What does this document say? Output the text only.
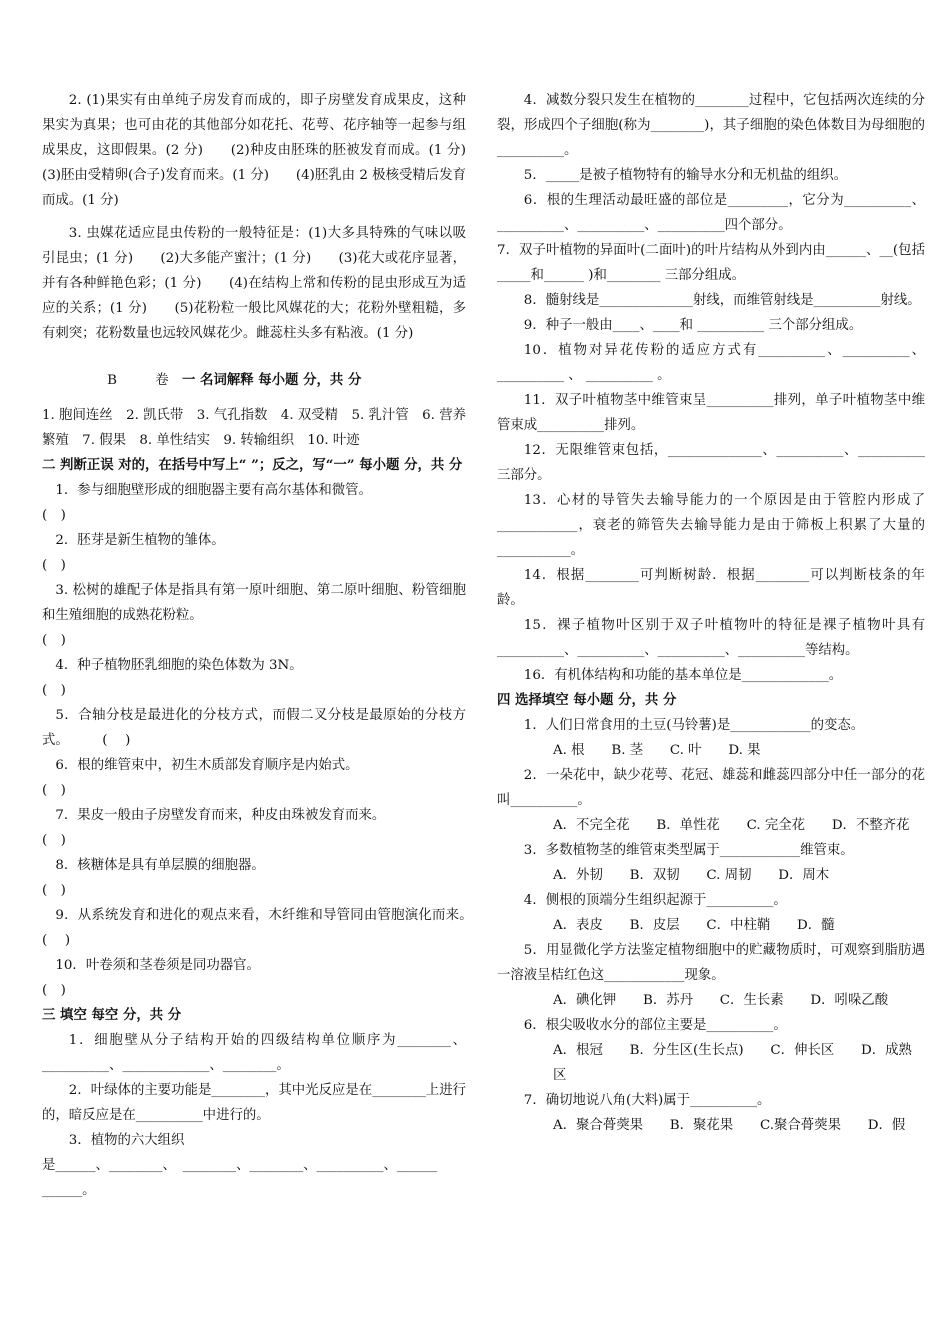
2. (1)果实有由单纯子房发育而成的，即子房壁发育成果皮，这种果实为真果；也可由花的其他部分如花托、花萼、花序轴等一起参与组成果皮，这即假果。(2 分)　　(2)种皮由胚珠的胚被发育而成。(1 分)　　(3)胚由受精卵(合子)发育而来。(1 分)　　(4)胚乳由 2 极核受精后发育而成。(1 分)

3. 虫媒花适应昆虫传粉的一般特征是：(1)大多具特殊的气味以吸引昆虫；(1 分)　　(2)大多能产蜜汁；(1 分)　　(3)花大或花序显著，并有各种鲜艳色彩；(1 分)　　(4)在结构上常和传粉的昆虫形成互为适应的关系；(1 分)　　(5)花粉粒一般比风媒花的大；花粉外壁粗糙，多有刺突；花粉数量也远较风媒花少。雌蕊柱头多有粘液。(1 分)

B	卷 一 名词解释 每小题 分，共 分

1. 胞间连丝　2. 凯氏带　3. 气孔指数　4. 双受精　5. 乳汁管　6. 营养繁殖　7. 假果　8. 单性结实　9. 转输组织　10. 叶迹

二 判断正误 对的，在括号中写上“ ”；反之，写“一” 每小题 分，共 分

1．参与细胞壁形成的细胞器主要有高尔基体和微管。

(　)

2．胚芽是新生植物的雏体。

(　)

3. 松树的雄配子体是指具有第一原叶细胞、第二原叶细胞、粉管细胞和生殖细胞的成熟花粉粒。

(　)

4．种子植物胚乳细胞的染色体数为 3N。

(　)

5．合轴分枝是最进化的分枝方式，而假二叉分枝是最原始的分枝方式。　　　(　 )

6．根的维管束中，初生木质部发育顺序是内始式。

(　)

7．果皮一般由子房壁发育而来，种皮由珠被发育而来。

(　)

8．核糖体是具有单层膜的细胞器。

(　)

9．从系统发育和进化的观点来看，木纤维和导管同由管胞演化而来。　　　(　 )

10．叶卷须和茎卷须是同功器官。

(　)

三 填空 每空 分，共 分

1．细胞壁从分子结构开始的四级结构单位顺序为________、__________、_____________、________。

2．叶绿体的主要功能是________，其中光反应是在________上进行的，暗反应是在__________中进行的。

3．植物的六大组织

是______、________、　________、________、__________、______

______。

4．减数分裂只发生在植物的________过程中，它包括两次连续的分裂，形成四个子细胞(称为________)，其子细胞的染色体数目为母细胞的__________。

5．_____是被子植物特有的输导水分和无机盐的组织。

6．根的生理活动最旺盛的部位是_________，它分为__________、__________、__________、__________四个部分。

7．双子叶植物的异面叶(二面叶)的叶片结构从外到内由______、__(包括_____和______ )和________ 三部分组成。

8．髓射线是______________射线，而维管射线是__________射线。

9．种子一般由____、____和 __________ 三个部分组成。

10．植物对异花传粉的适应方式有__________、__________、__________ 、 __________ 。

11．双子叶植物茎中维管束呈__________排列，单子叶植物茎中维管束成__________排列。

12．无限维管束包括，______________、__________、__________三部分。

13．心材的导管失去输导能力的一个原因是由于管腔内形成了____________，衰老的筛管失去输导能力是由于筛板上积累了大量的___________。

14．根据________可判断树龄．根据________可以判断枝条的年龄。

15．裸子植物叶区别于双子叶植物叶的特征是裸子植物叶具有__________、__________、__________、__________等结构。

16．有机体结构和功能的基本单位是_____________。

四 选择填空 每小题 分，共 分

1．人们日常食用的土豆(马铃薯)是____________的变态。

A. 根　　B. 茎　　C. 叶　　D. 果

2．一朵花中，缺少花萼、花冠、雄蕊和雌蕊四部分中任一部分的花叫__________。

A．不完全花　　B．单性花　　C. 完全花　　D．不整齐花

3．多数植物茎的维管束类型属于____________维管束。

A．外韧　　B．双韧　　C. 周韧　　D．周木

4．侧根的顶端分生组织起源于__________。

A．表皮　　B．皮层　　C．中柱鞘　　D．髓

5．用显微化学方法鉴定植物细胞中的贮藏物质时，可观察到脂肪遇一溶液呈桔红色这____________现象。

A．碘化钾　　B．苏丹　　C．生长素　　D．吲哚乙酸

6．根尖吸收水分的部位主要是__________。

A．根冠　　B．分生区(生长点)　　C．伸长区　　D．成熟区

7．确切地说八角(大料)属于__________。

A．聚合蓇葖果　　B．聚花果　　C.聚合蓇葖果　　D．假
